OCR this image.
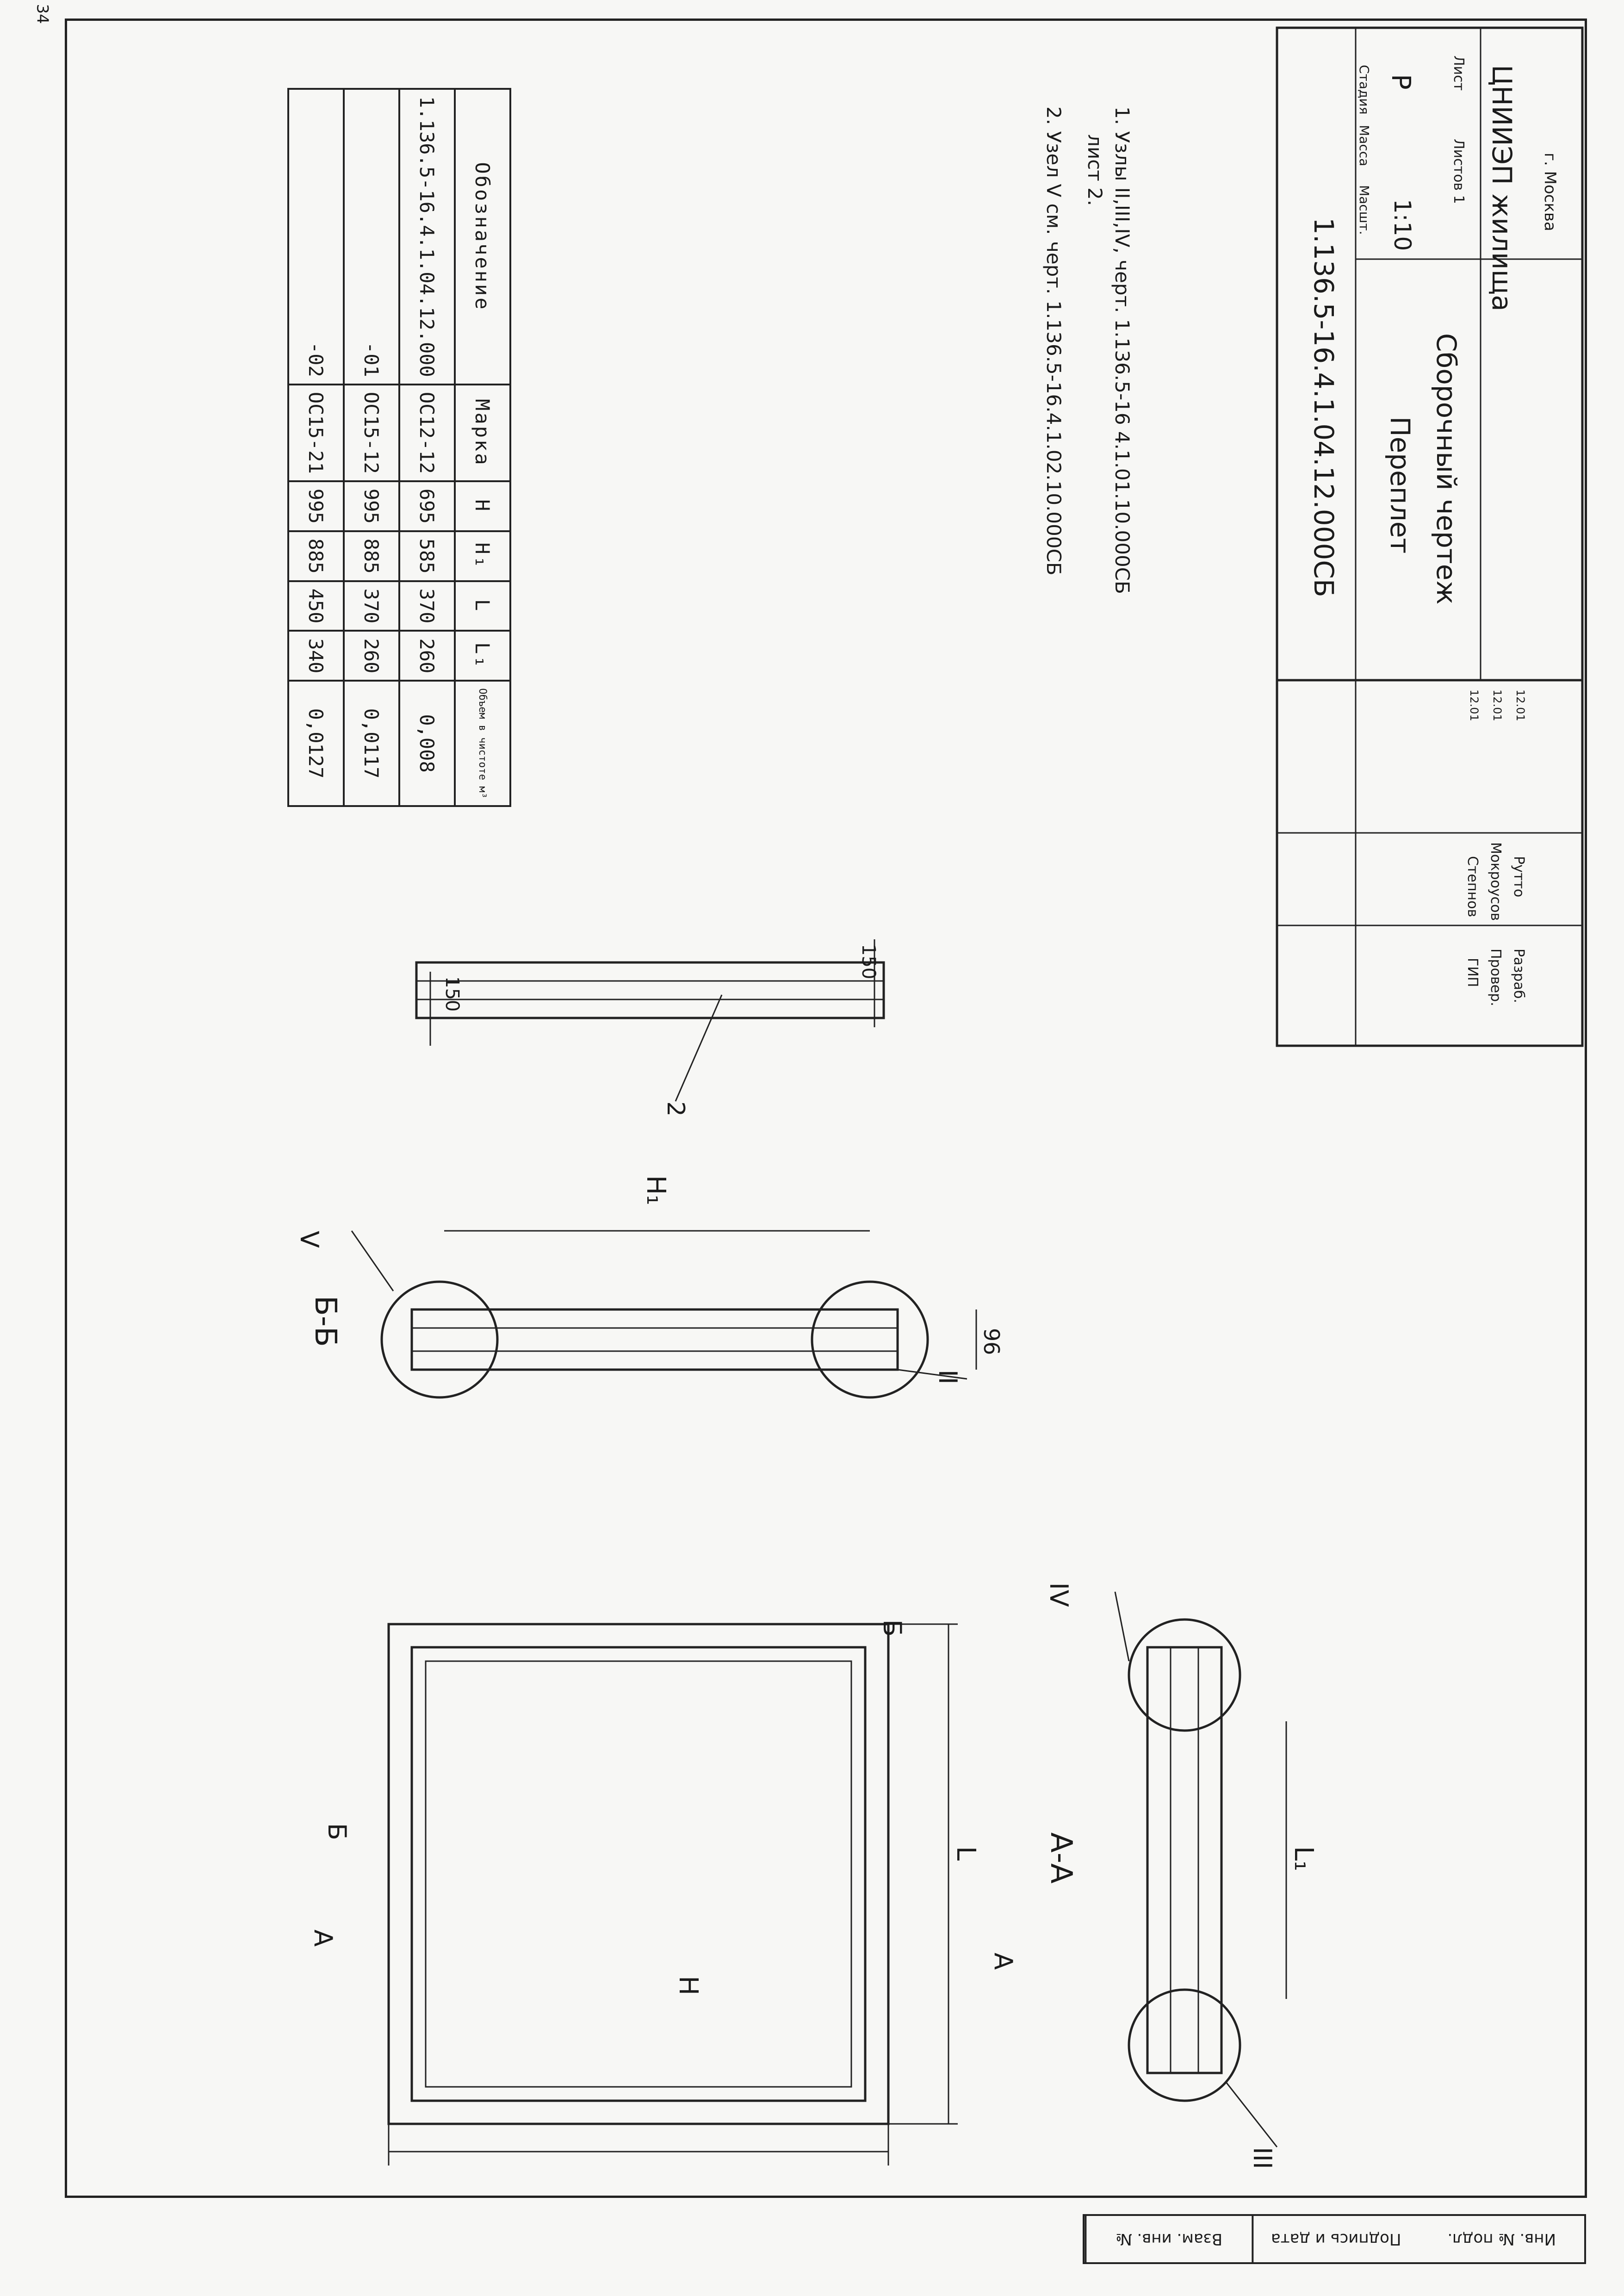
34
Обозначение	Марка	H	H₁	L	L₁	Объем в чистоте м³
1.136.5-16.4.1.04.12.000	ОС12-12	695	585	370	260	0,008
-01	ОС15-12	995	885	370	260	0,0117
-02	ОС15-21	995	885	450	340	0,0127
1. Узлы II,III,IV, черт. 1.136.5-16 4.1.01.10.000СБ
лист 2.
2. Узел V см. черт. 1.136.5-16.4.1.02.10.000СБ
Н
L	L₁
А-А
Б-Б
Н₁
96
150
150
2
А
А
Б
Б
V
II
IV
III
1.136.5-16.4.1.04.12.000СБ Переплет Сборочный чертеж
Стадия
Масса
Масшт.
Р
1:10
Лист
Листов 1 ЦНИИЭП жилища г. Москва
ГИП
Степнов
12.01
Провер.
Мокроусов
12.01
Разраб.
Рутто
12.01
Взам. инв. №	Подпись и дата	Инв. № подл.
